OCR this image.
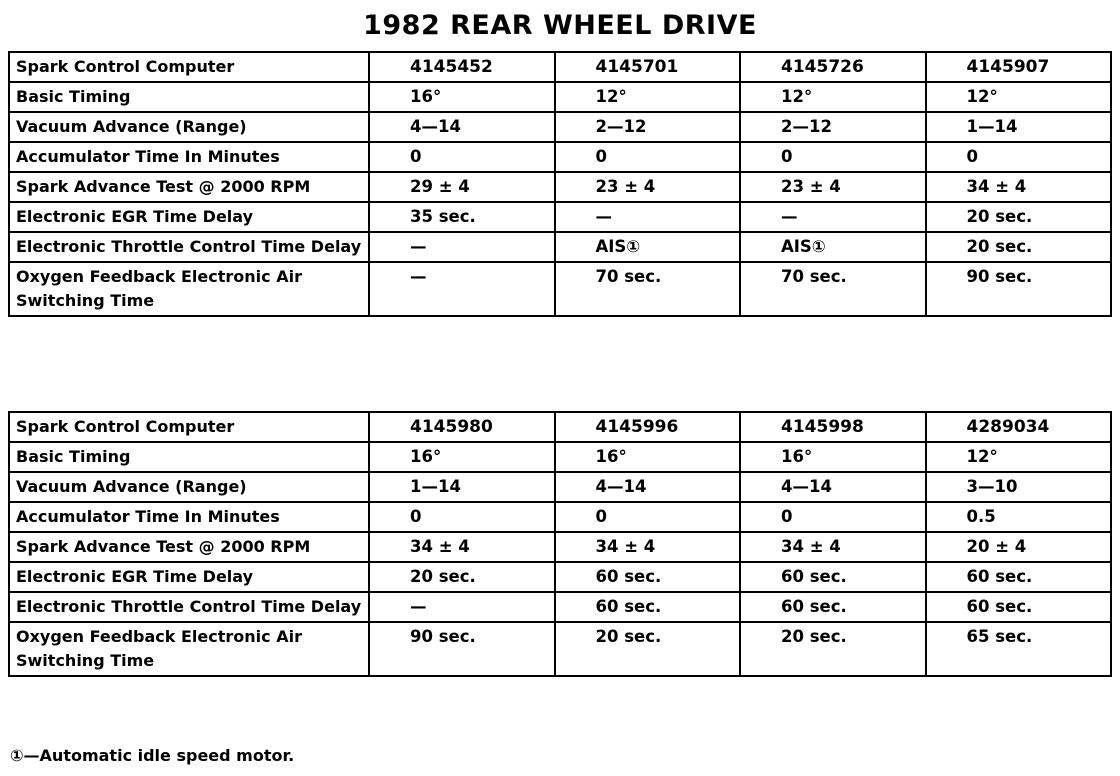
1982 REAR WHEEL DRIVE
Spark Control Computer	4145452	4145701	4145726	4145907
Basic Timing	16°	12°	12°	12°
Vacuum Advance (Range)	4—14	2—12	2—12	1—14
Accumulator Time In Minutes	0	0	0	0
Spark Advance Test @ 2000 RPM	29 ± 4	23 ± 4	23 ± 4	34 ± 4
Electronic EGR Time Delay	35 sec.	—	—	20 sec.
Electronic Throttle Control Time Delay	—	AIS①	AIS①	20 sec.
Oxygen Feedback Electronic Air Switching Time	—	70 sec.	70 sec.	90 sec.
Spark Control Computer	4145980	4145996	4145998	4289034
Basic Timing	16°	16°	16°	12°
Vacuum Advance (Range)	1—14	4—14	4—14	3—10
Accumulator Time In Minutes	0	0	0	0.5
Spark Advance Test @ 2000 RPM	34 ± 4	34 ± 4	34 ± 4	20 ± 4
Electronic EGR Time Delay	20 sec.	60 sec.	60 sec.	60 sec.
Electronic Throttle Control Time Delay	—	60 sec.	60 sec.	60 sec.
Oxygen Feedback Electronic Air Switching Time	90 sec.	20 sec.	20 sec.	65 sec.
①—Automatic idle speed motor.
